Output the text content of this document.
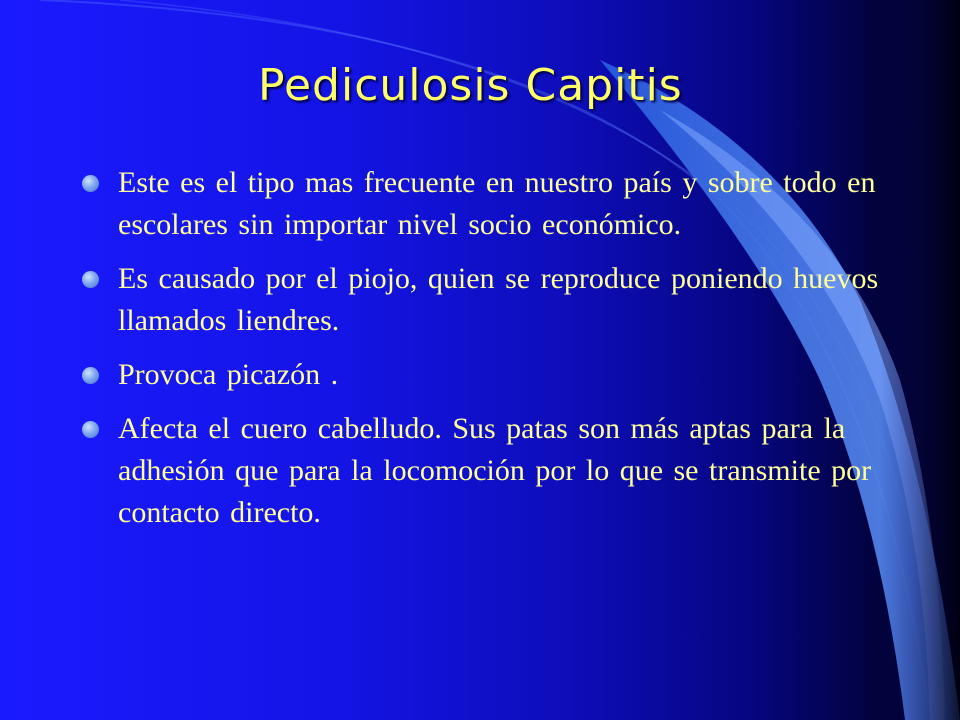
Pediculosis Capitis
Este es el tipo mas frecuente en nuestro país y sobre todo en escolares sin importar nivel socio económico.
Es causado por el piojo, quien se reproduce poniendo huevos llamados liendres.
Provoca picazón .
Afecta el cuero cabelludo. Sus patas son más aptas para la adhesión que para la locomoción por lo que se transmite por contacto directo.
